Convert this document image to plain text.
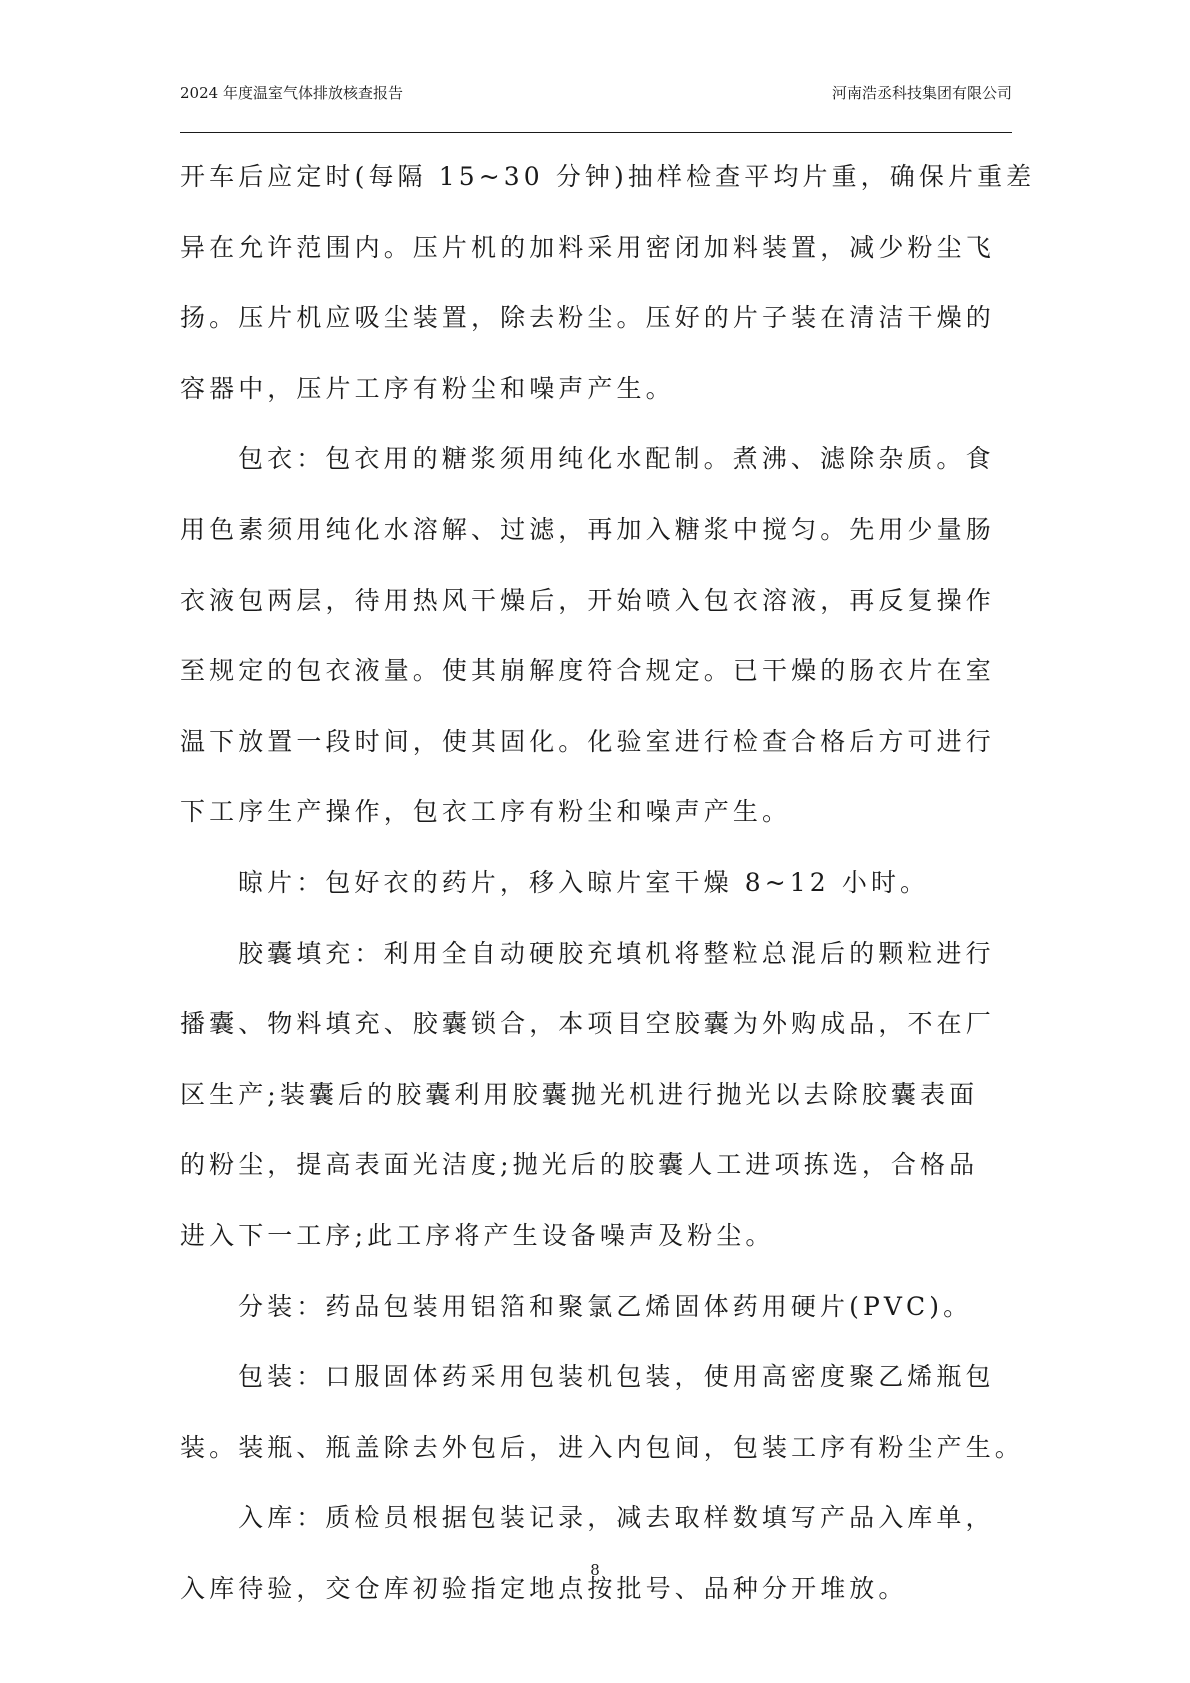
2024 年度温室气体排放核查报告	河南浩丞科技集团有限公司
开车后应定时(每隔 15~30 分钟)抽样检查平均片重，确保片重差
异在允许范围内。压片机的加料采用密闭加料装置，减少粉尘飞
扬。压片机应吸尘装置，除去粉尘。压好的片子装在清洁干燥的
容器中，压片工序有粉尘和噪声产生。
包衣：包衣用的糖浆须用纯化水配制。煮沸、滤除杂质。食
用色素须用纯化水溶解、过滤，再加入糖浆中搅匀。先用少量肠
衣液包两层，待用热风干燥后，开始喷入包衣溶液，再反复操作
至规定的包衣液量。使其崩解度符合规定。已干燥的肠衣片在室
温下放置一段时间，使其固化。化验室进行检查合格后方可进行
下工序生产操作，包衣工序有粉尘和噪声产生。
晾片：包好衣的药片，移入晾片室干燥 8~12 小时。
胶囊填充：利用全自动硬胶充填机将整粒总混后的颗粒进行
播囊、物料填充、胶囊锁合，本项目空胶囊为外购成品，不在厂
区生产;装囊后的胶囊利用胶囊抛光机进行抛光以去除胶囊表面
的粉尘，提高表面光洁度;抛光后的胶囊人工进项拣选，合格品
进入下一工序;此工序将产生设备噪声及粉尘。
分装：药品包装用铝箔和聚氯乙烯固体药用硬片(PVC)。
包装：口服固体药采用包装机包装，使用高密度聚乙烯瓶包
装。装瓶、瓶盖除去外包后，进入内包间，包装工序有粉尘产生。
入库：质检员根据包装记录，减去取样数填写产品入库单，
入库待验，交仓库初验指定地点按批号、品种分开堆放。
8
